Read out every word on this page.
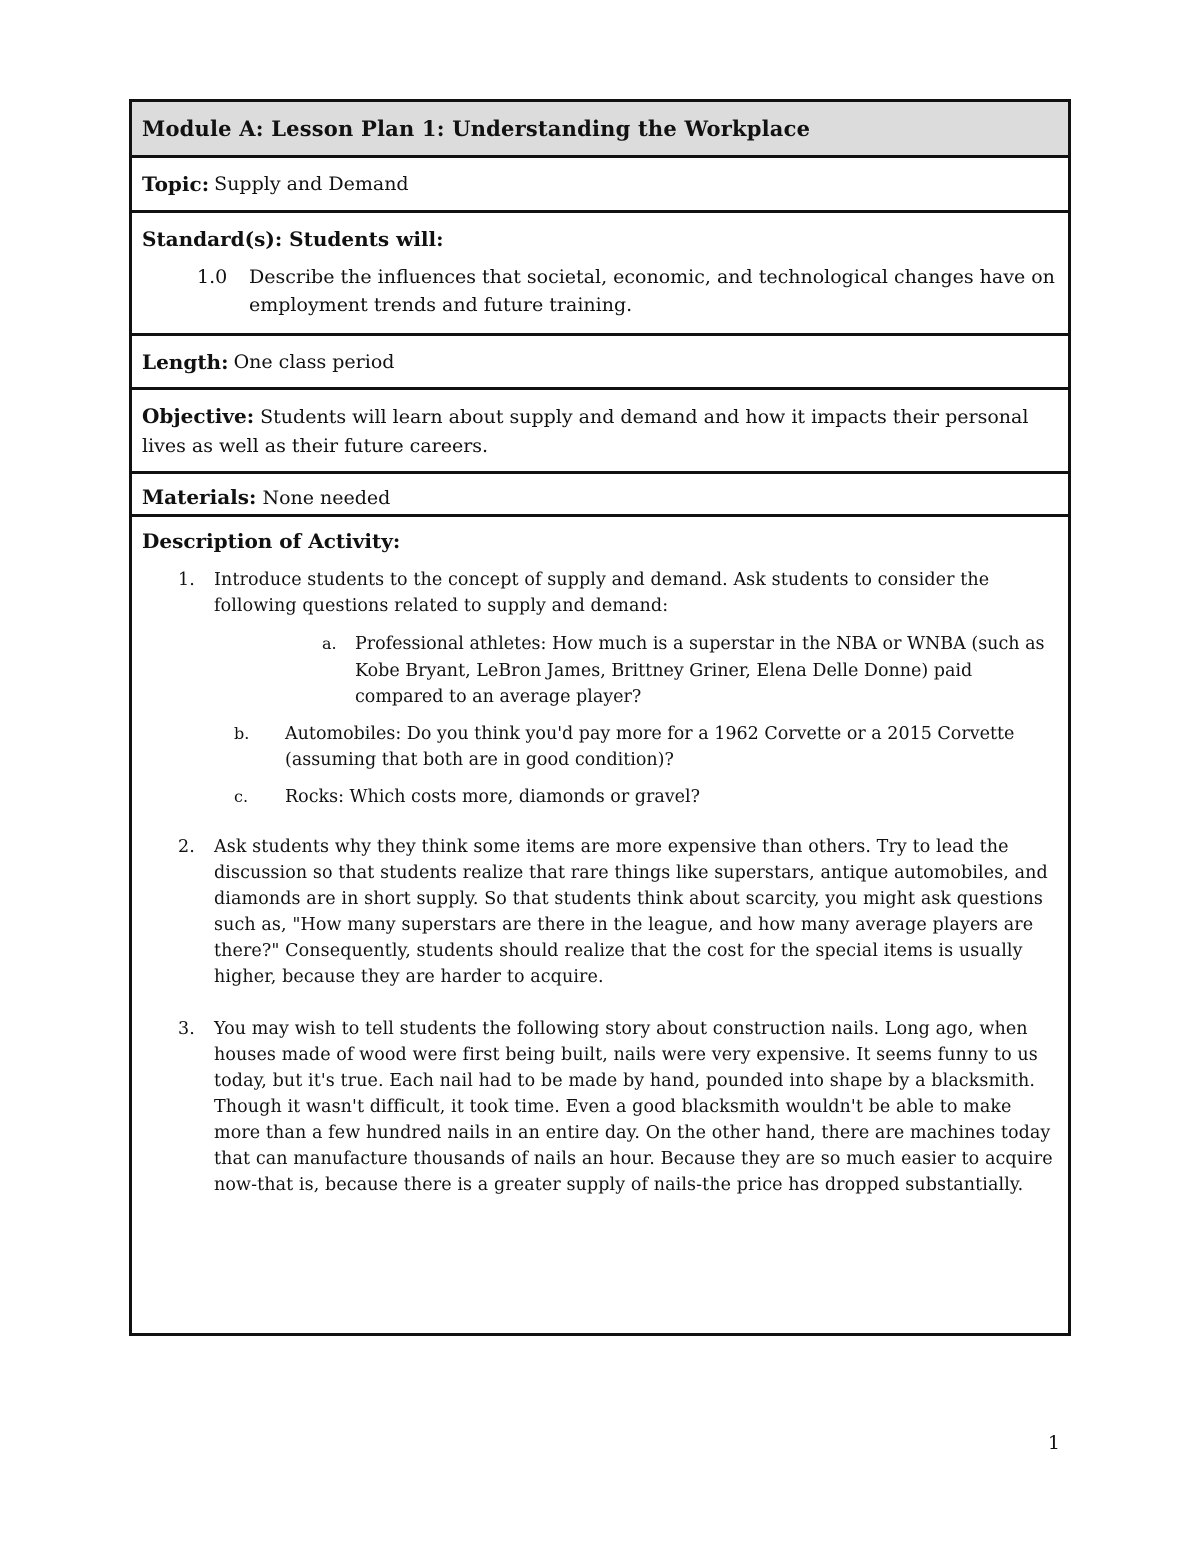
Module A: Lesson Plan 1: Understanding the Workplace
Topic:
Supply and Demand
Standard(s): Students will:
1.0 Describe the influences that societal, economic, and technological changes have on employment trends and future training.
Length:
One class period
Objective: Students will learn about supply and demand and how it impacts their personal lives as well as their future careers.
Materials: None needed
Description of Activity:
1. Introduce students to the concept of supply and demand. Ask students to consider the following questions related to supply and demand:
a. Professional athletes: How much is a superstar in the NBA or WNBA (such as Kobe Bryant, LeBron James, Brittney Griner, Elena Delle Donne) paid compared to an average player?
b. Automobiles: Do you think you'd pay more for a 1962 Corvette or a 2015 Corvette (assuming that both are in good condition)?
c. Rocks: Which costs more, diamonds or gravel?
2. Ask students why they think some items are more expensive than others. Try to lead the discussion so that students realize that rare things like superstars, antique automobiles, and diamonds are in short supply. So that students think about scarcity, you might ask questions such as, "How many superstars are there in the league, and how many average players are there?" Consequently, students should realize that the cost for the special items is usually higher, because they are harder to acquire.
3. You may wish to tell students the following story about construction nails. Long ago, when houses made of wood were first being built, nails were very expensive. It seems funny to us today, but it's true. Each nail had to be made by hand, pounded into shape by a blacksmith. Though it wasn't difficult, it took time. Even a good blacksmith wouldn't be able to make more than a few hundred nails in an entire day. On the other hand, there are machines today that can manufacture thousands of nails an hour. Because they are so much easier to acquire now-that is, because there is a greater supply of nails-the price has dropped substantially.
1
